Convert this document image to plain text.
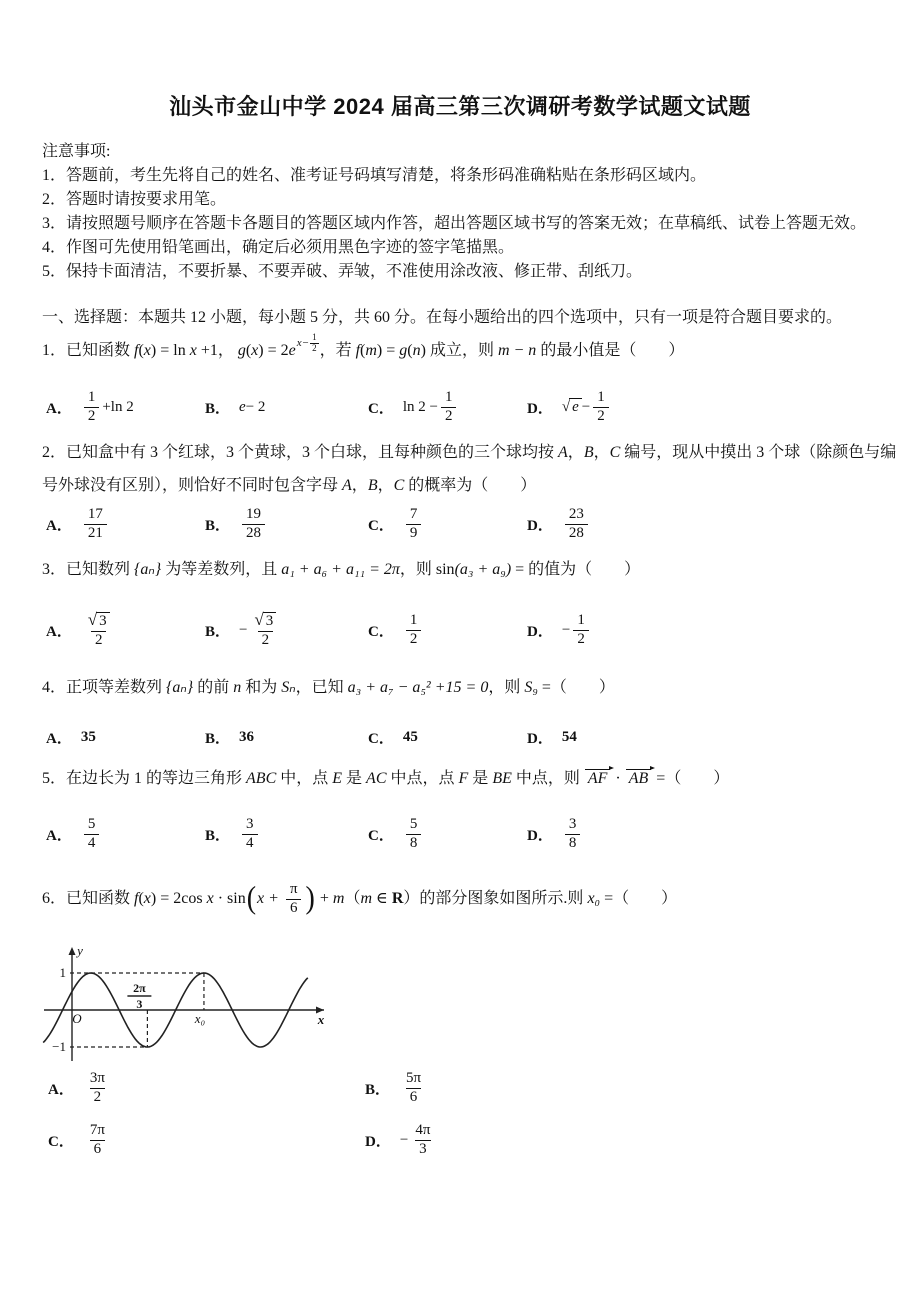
汕头市金山中学 2024 届高三第三次调研考数学试题文试题
注意事项:
1．答题前，考生先将自己的姓名、准考证号码填写清楚，将条形码准确粘贴在条形码区域内。
2．答题时请按要求用笔。
3．请按照题号顺序在答题卡各题目的答题区域内作答，超出答题区域书写的答案无效；在草稿纸、试卷上答题无效。
4．作图可先使用铅笔画出，确定后必须用黑色字迹的签字笔描黑。
5．保持卡面清洁，不要折暴、不要弄破、弄皱，不准使用涂改液、修正带、刮纸刀。
一、选择题：本题共 12 小题，每小题 5 分，共 60 分。在每小题给出的四个选项中，只有一项是符合题目要求的。
1．已知函数 f(x) = ln x +1， g(x) = 2e $x- \frac{1}{2}$ ，若 f(m) = g(n) 成立，则 m − n 的最小值是（　　）
A． $\frac{1}{2} +\ln$ 2	B． e − 2	C． $\ln 2 - \frac{1}{2}$	D． √ $e - \frac{1}{2}$
2．已知盒中有 3 个红球，3 个黄球，3 个白球，且每种颜色的三个球均按 A，B，C 编号，现从中摸出 3 个球（除颜色与编号外球没有区别），则恰好不同时包含字母 A，B，C 的概率为（　　）
A． $\frac{17}{21}$	B． $\frac{19}{28}$	C． $\frac{7}{9}$	D． $\frac{23}{28}$
3．已知数列 {aₙ} 为等差数列，且 a₁ + a₆ + a₁₁ = 2π，则 sin(a₃ + a₉) = 的值为（　　）
A． $\frac{√ 3}{2}$	B． − $\frac{√ 3}{2}$	C． $\frac{1}{2}$	D． − $\frac{1}{2}$
4．正项等差数列 {aₙ} 的前 n 和为 Sₙ，已知 a₃ + a₇ − a₅² +15 = 0，则 S₉ =（　　）
A． 35	B． 36	C． 45	D． 54
5．在边长为 1 的等边三角形 ABC 中，点 E 是 AC 中点，点 F 是 BE 中点，则 AF · AB =（　　）
A． $\frac{5}{4}$	B． $\frac{3}{4}$	C． $\frac{5}{8}$	D． $\frac{3}{8}$
6．已知函数 f(x) = 2cos $x \cdot \sin(x + \frac{\pi}{6}$ ) + m（m ∈ R）的部分图象如图所示.则 x₀ =（　　）
A． $\frac{3\pi}{2}$	B． $\frac{5\pi}{6}$
C． $\frac{7\pi}{6}$	D． − $\frac{4\pi}{3}$
1
−1
y
x
O	x₀
2π
3
